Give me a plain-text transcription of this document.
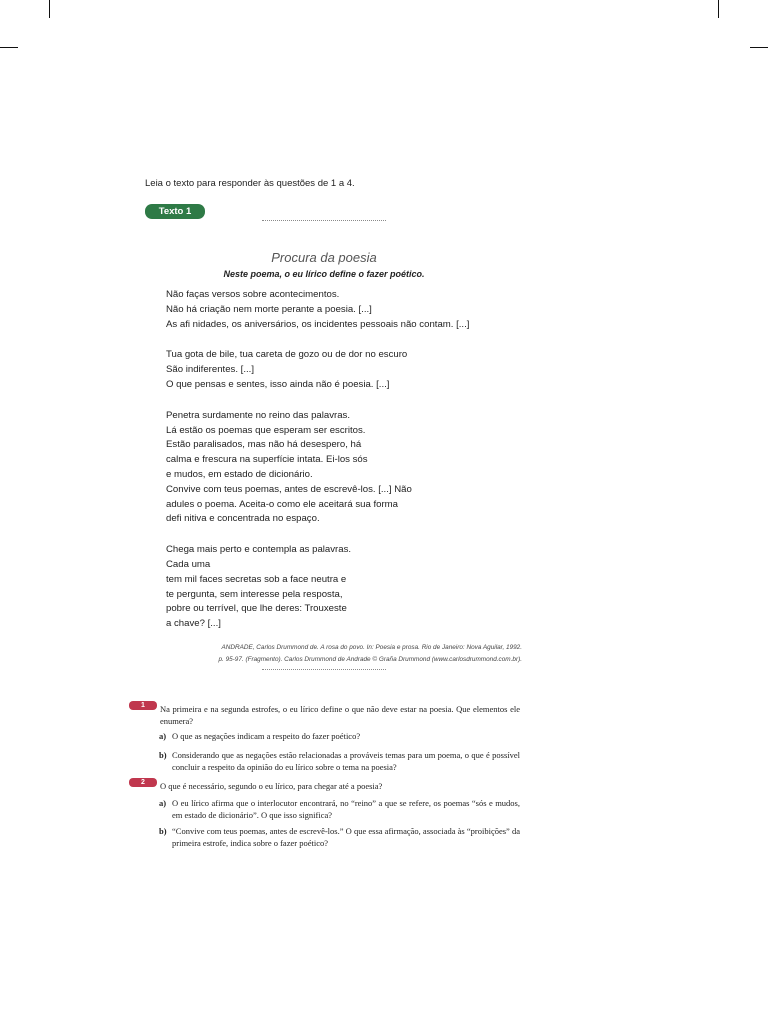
Leia o texto para responder às questões de 1 a 4.
Texto 1
Procura da poesia
Neste poema, o eu lírico define o fazer poético.
Não faças versos sobre acontecimentos.
Não há criação nem morte perante a poesia. [...]
As afi nidades, os aniversários, os incidentes pessoais não contam. [...]
Tua gota de bile, tua careta de gozo ou de dor no escuro
São indiferentes. [...]
O que pensas e sentes, isso ainda não é poesia. [...]
Penetra surdamente no reino das palavras.
Lá estão os poemas que esperam ser escritos.
Estão paralisados, mas não há desespero, há
calma e frescura na superfície intata. Ei-los sós
e mudos, em estado de dicionário.
Convive com teus poemas, antes de escrevê-los. [...] Não
adules o poema. Aceita-o como ele aceitará sua forma
defi nitiva e concentrada no espaço.
Chega mais perto e contempla as palavras.
Cada uma
tem mil faces secretas sob a face neutra e
te pergunta, sem interesse pela resposta,
pobre ou terrível, que lhe deres: Trouxeste
a chave? [...]
ANDRADE, Carlos Drummond de. A rosa do povo. In: Poesia e prosa. Rio de Janeiro: Nova Aguilar, 1992.
p. 95-97. (Fragmento). Carlos Drummond de Andrade © Graña Drummond (www.carlosdrummond.com.br).
1	Na primeira e na segunda estrofes, o eu lírico define o que não deve estar na poesia. Que elementos ele enumera?
a) O que as negações indicam a respeito do fazer poético?
b) Considerando que as negações estão relacionadas a prováveis temas para um poema, o que é possível concluir a respeito da opinião do eu lírico sobre o tema na poesia?
2	O que é necessário, segundo o eu lírico, para chegar até a poesia?
a) O eu lírico afirma que o interlocutor encontrará, no “reino” a que se refere, os poemas “sós e mudos, em estado de dicionário”. O que isso significa?
b) “Convive com teus poemas, antes de escrevê-los.” O que essa afirmação, associada às “proibições” da primeira estrofe, indica sobre o fazer poético?
